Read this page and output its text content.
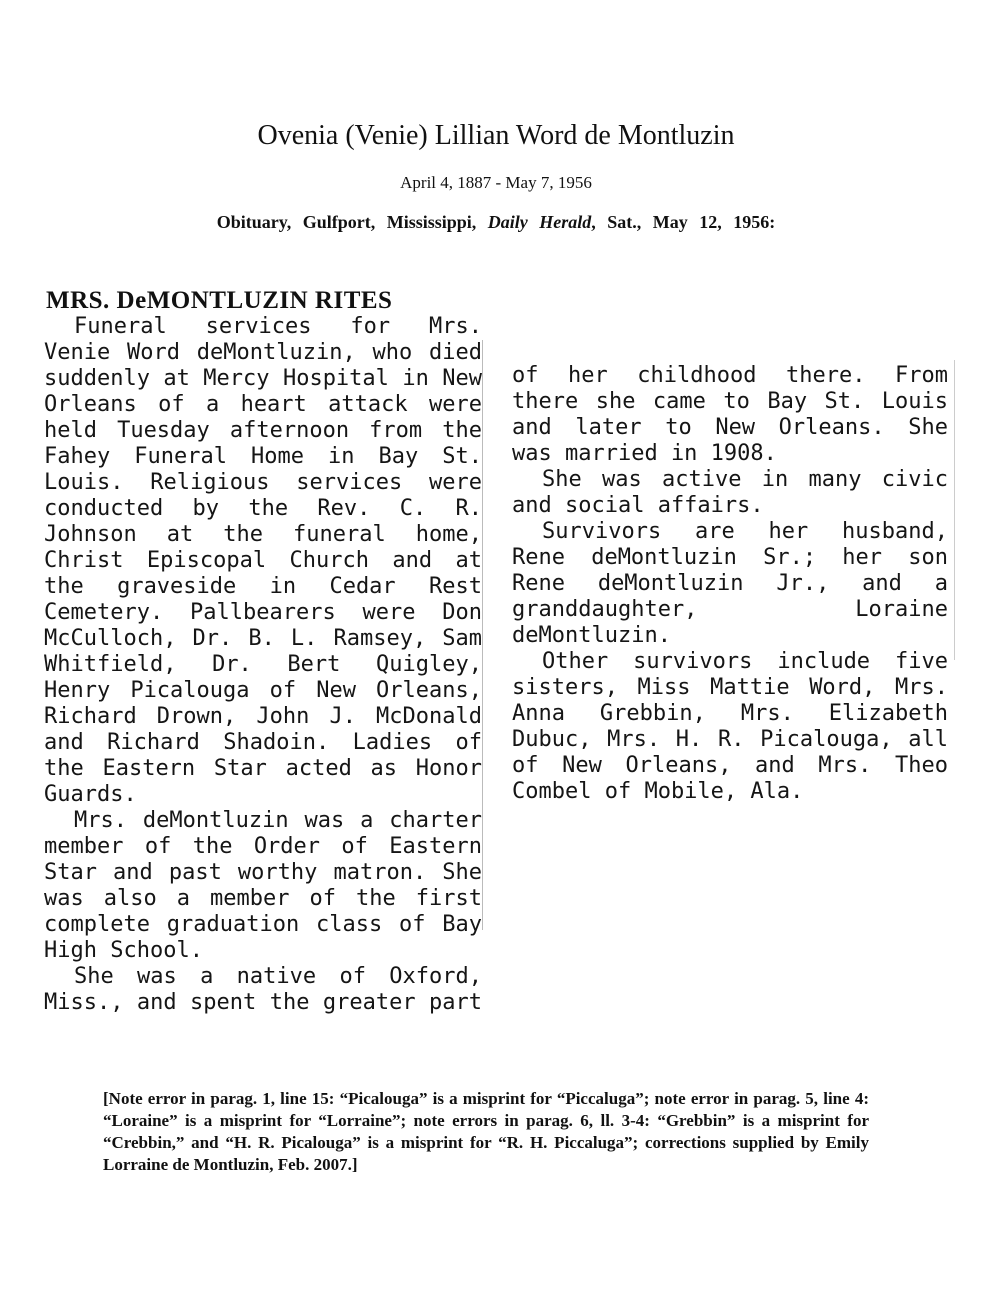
Ovenia (Venie) Lillian Word de Montluzin
April 4, 1887 - May 7, 1956
Obituary, Gulfport, Mississippi, Daily Herald, Sat., May 12, 1956:
MRS. DeMONTLUZIN RITES

Funeral services for Mrs. Venie Word deMontluzin, who died suddenly at Mercy Hospital in New Orleans of a heart attack were held Tuesday afternoon from the Fahey Funeral Home in Bay St. Louis. Religious services were conducted by the Rev. C. R. Johnson at the funeral home, Christ Episcopal Church and at the graveside in Cedar Rest Cemetery. Pallbearers were Don McCulloch, Dr. B. L. Ramsey, Sam Whitfield, Dr. Bert Quigley, Henry Picalouga of New Orleans, Richard Drown, John J. McDonald and Richard Shadoin. Ladies of the Eastern Star acted as Honor Guards.

Mrs. deMontluzin was a charter member of the Order of Eastern Star and past worthy matron. She was also a member of the first complete graduation class of Bay High School.

She was a native of Oxford, Miss., and spent the greater part

of her childhood there. From there she came to Bay St. Louis and later to New Orleans. She was married in 1908.

She was active in many civic and social affairs.

Survivors are her husband, Rene deMontluzin Sr.; her son Rene deMontluzin Jr., and a granddaughter, Loraine deMontluzin.

Other survivors include five sisters, Miss Mattie Word, Mrs. Anna Grebbin, Mrs. Elizabeth Dubuc, Mrs. H. R. Picalouga, all of New Orleans, and Mrs. Theo Combel of Mobile, Ala.

[Note error in parag. 1, line 15: “Picalouga” is a misprint for “Piccaluga”; note error in parag. 5, line 4: “Loraine” is a misprint for “Lorraine”; note errors in parag. 6, ll. 3-4: “Grebbin” is a misprint for “Crebbin,” and “H. R. Picalouga” is a misprint for “R. H. Piccaluga”; corrections supplied by Emily Lorraine de Montluzin, Feb. 2007.]
